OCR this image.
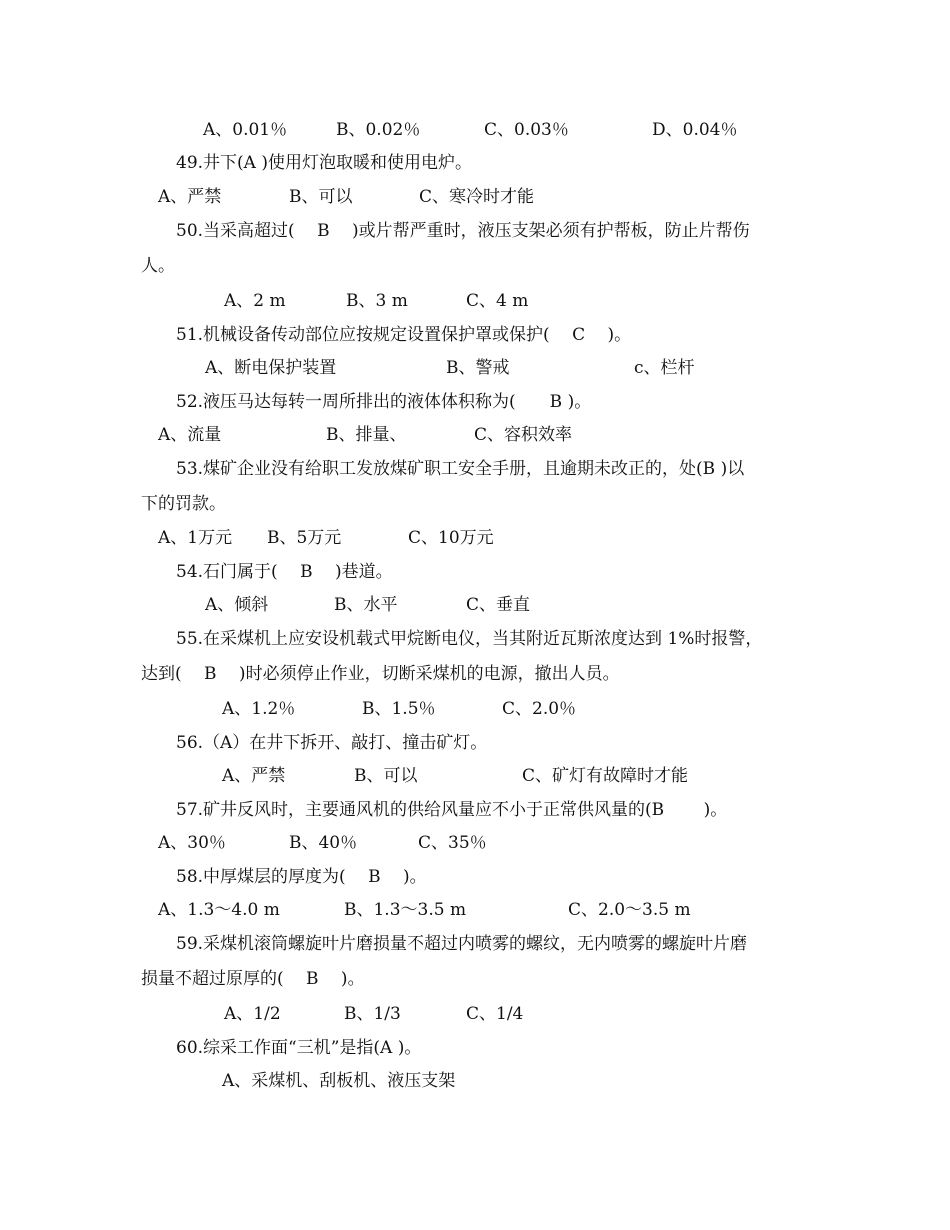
A、0.01％	B、0.02％	C、0.03％	D、0.04％
49.井下(A )使用灯泡取暖和使用电炉。
A、严禁	B、可以	C、寒冷时才能
50.当采高超过(　 B 　)或片帮严重时，液压支架必须有护帮板，防止片帮伤
人。
A、2 m	B、3 m	C、4 m
51.机械设备传动部位应按规定设置保护罩或保护(　 C 　)。
A、断电保护装置	B、警戒	c、栏杆
52.液压马达每转一周所排出的液体体积称为(　　B )。
A、流量	B、排量、	C、容积效率
53.煤矿企业没有给职工发放煤矿职工安全手册，且逾期未改正的，处(B )以
下的罚款。
A、1万元 B、5万元	C、10万元
54.石门属于(　 B 　)巷道。
A、倾斜	B、水平	C、垂直
55.在采煤机上应安设机载式甲烷断电仪，当其附近瓦斯浓度达到 1%时报警，
达到(　 B 　)时必须停止作业，切断采煤机的电源，撤出人员。
A、1.2％	B、1.5％	C、2.0％
56.（A）在井下拆开、敲打、撞击矿灯。
A、严禁	B、可以	C、矿灯有故障时才能
57.矿井反风时，主要通风机的供给风量应不小于正常供风量的(B　　 )。
A、30％	B、40％	C、35％
58.中厚煤层的厚度为(　 B 　)。
A、1.3～4.0 m	B、1.3～3.5 m	C、2.0～3.5 m
59.采煤机滚筒螺旋叶片磨损量不超过内喷雾的螺纹，无内喷雾的螺旋叶片磨
损量不超过原厚的(　 B 　)。
A、1/2	B、1/3	C、1/4
60.综采工作面“三机”是指(A )。
A、采煤机、刮板机、液压支架
